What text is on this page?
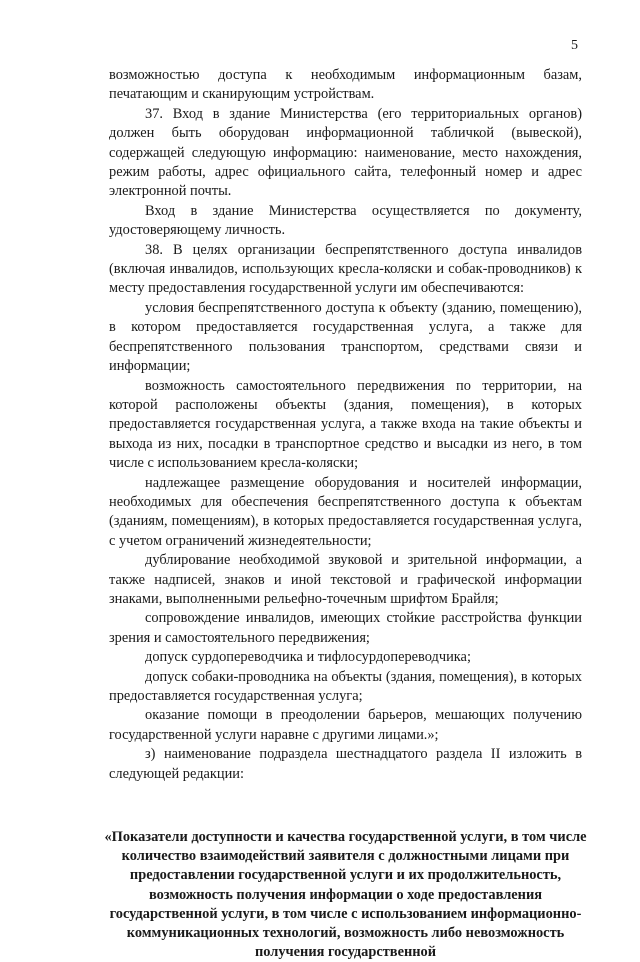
5

возможностью доступа к необходимым информационным базам, печатающим и сканирующим устройствам.

37. Вход в здание Министерства (его территориальных органов) должен быть оборудован информационной табличкой (вывеской), содержащей следующую информацию: наименование, место нахождения, режим работы, адрес официального сайта, телефонный номер и адрес электронной почты.

Вход в здание Министерства осуществляется по документу, удостоверяющему личность.

38. В целях организации беспрепятственного доступа инвалидов (включая инвалидов, использующих кресла-коляски и собак-проводников) к месту предоставления государственной услуги им обеспечиваются:

условия беспрепятственного доступа к объекту (зданию, помещению), в котором предоставляется государственная услуга, а также для беспрепятственного пользования транспортом, средствами связи и информации;

возможность самостоятельного передвижения по территории, на которой расположены объекты (здания, помещения), в которых предоставляется государственная услуга, а также входа на такие объекты и выхода из них, посадки в транспортное средство и высадки из него, в том числе с использованием кресла-коляски;

надлежащее размещение оборудования и носителей информации, необходимых для обеспечения беспрепятственного доступа к объектам (зданиям, помещениям), в которых предоставляется государственная услуга, с учетом ограничений жизнедеятельности;

дублирование необходимой звуковой и зрительной информации, а также надписей, знаков и иной текстовой и графической информации знаками, выполненными рельефно-точечным шрифтом Брайля;

сопровождение инвалидов, имеющих стойкие расстройства функции зрения и самостоятельного передвижения;

допуск сурдопереводчика и тифлосурдопереводчика;

допуск собаки-проводника на объекты (здания, помещения), в которых предоставляется государственная услуга;

оказание помощи в преодолении барьеров, мешающих получению государственной услуги наравне с другими лицами.»;

з) наименование подраздела шестнадцатого раздела II изложить в следующей редакции:

«Показатели доступности и качества государственной услуги, в том числе количество взаимодействий заявителя с должностными лицами при предоставлении государственной услуги и их продолжительность, возможность получения информации о ходе предоставления государственной услуги, в том числе с использованием информационно-коммуникационных технологий, возможность либо невозможность получения государственной
